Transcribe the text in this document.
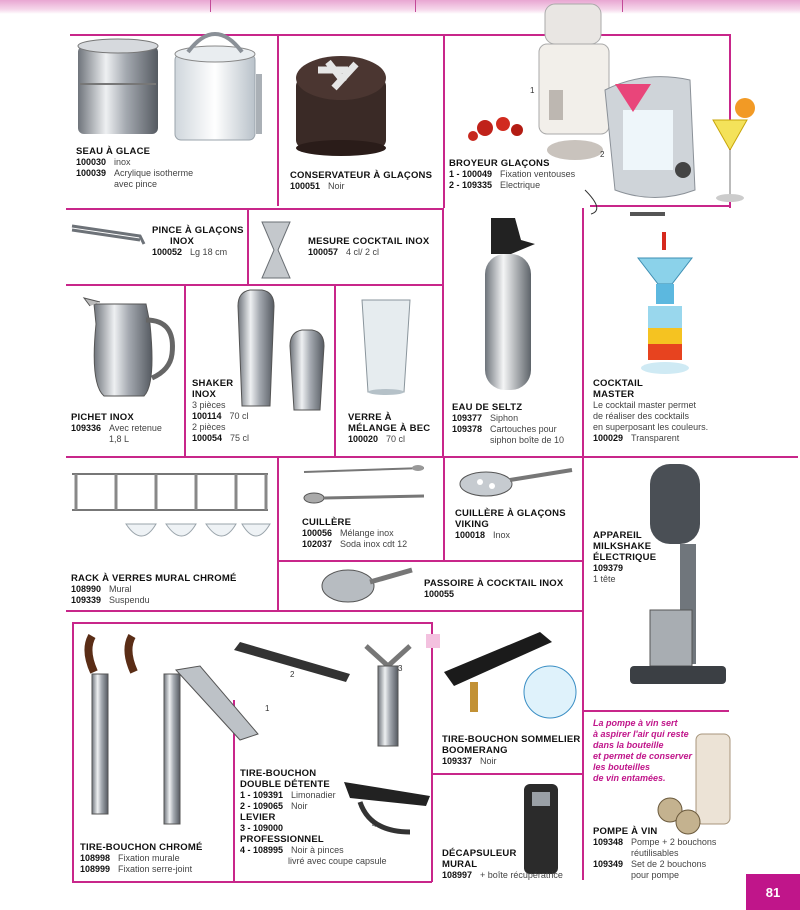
1
2
2
1
3
4
SEAU À GLACE
100030 inox
100039 Acrylique isotherme
avec pince
CONSERVATEUR À GLAÇONS
100051 Noir
BROYEUR GLAÇONS
1 - 100049 Fixation ventouses
2 - 109335 Electrique
PINCE À GLAÇONS
INOX
100052 Lg 18 cm
MESURE COCKTAIL INOX
100057 4 cl/ 2 cl
PICHET INOX
109336 Avec retenue
1,8 L
SHAKER
INOX
3 pièces
100114 70 cl
2 pièces
100054 75 cl
VERRE À
MÉLANGE À BEC
100020 70 cl
EAU DE SELTZ
109377 Siphon
109378 Cartouches pour
siphon boîte de 10
COCKTAIL
MASTER
Le cocktail master permet
de réaliser des cocktails
en superposant les couleurs.
100029 Transparent
RACK À VERRES MURAL CHROMÉ
108990 Mural
109339 Suspendu
CUILLÈRE
100056 Mélange inox
102037 Soda inox cdt 12
CUILLÈRE À GLAÇONS
VIKING
100018 Inox	APPAREIL
MILKSHAKE
ÉLECTRIQUE
109379
1 tête
PASSOIRE À COCKTAIL INOX
100055
TIRE-BOUCHON CHROMÉ
108998 Fixation murale
108999 Fixation serre-joint
TIRE-BOUCHON
DOUBLE DÉTENTE
1 - 109391 Limonadier
2 - 109065 Noir
LEVIER
3 - 109000
PROFESSIONNEL
4 - 108995 Noir à pinces
livré avec coupe capsule
TIRE-BOUCHON SOMMELIER
BOOMERANG
109337 Noir
La pompe à vin sert
à aspirer l'air qui reste
dans la bouteille
et permet de conserver
les bouteilles
de vin entamées.
POMPE À VIN
109348 Pompe + 2 bouchons
réutilisables
109349 Set de 2 bouchons
pour pompe
DÉCAPSULEUR
MURAL
108997 + boîte récupératrice
81
